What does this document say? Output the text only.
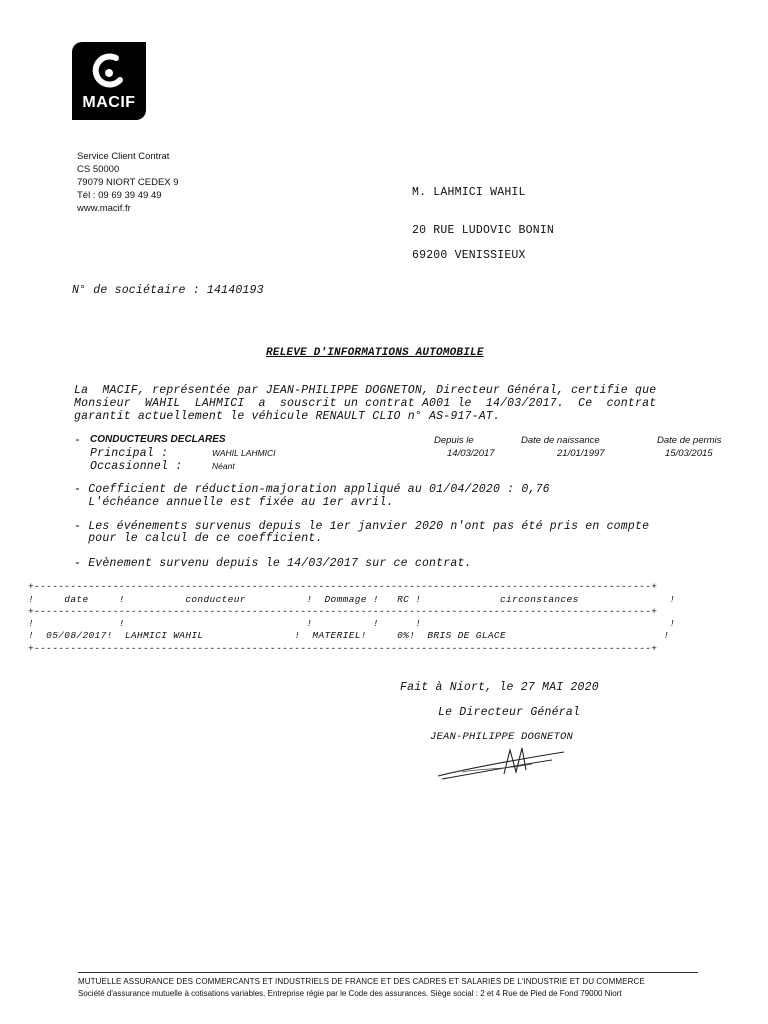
MACIF
Service Client Contrat
CS 50000
79079 NIORT CEDEX 9
Tél : 09 69 39 49 49
www.macif.fr
M. LAHMICI WAHIL
20 RUE LUDOVIC BONIN
69200 VENISSIEUX
N° de sociétaire : 14140193
RELEVE D'INFORMATIONS AUTOMOBILE
La  MACIF, représentée par JEAN-PHILIPPE DOGNETON, Directeur Général, certifie que
Monsieur  WAHIL  LAHMICI  a  souscrit un contrat A001 le  14/03/2017.  Ce  contrat
garantit actuellement le véhicule RENAULT CLIO n° AS-917-AT.
- CONDUCTEURS DECLARES	Depuis le	Date de naissance	Date de permis
Principal :	WAHIL LAHMICI	14/03/2017	21/01/1997	15/03/2015
Occasionnel :	Néant
- Coefficient de réduction-majoration appliqué au 01/04/2020 : 0,76
L'échéance annuelle est fixée au 1er avril.
- Les événements survenus depuis le 1er janvier 2020 n'ont pas été pris en compte
pour le calcul de ce coefficient.
- Evènement survenu depuis le 14/03/2017 sur ce contrat.
+------------------------------------------------------------------------------------------------------+
!     date     !          conducteur          !  Dommage !   RC !             circonstances               !
+------------------------------------------------------------------------------------------------------+
!              !                              !          !      !                                         !
!  05/08/2017!  LAHMICI WAHIL               !  MATERIEL!     0%!  BRIS DE GLACE                          !
+------------------------------------------------------------------------------------------------------+
Fait à Niort, le 27 MAI 2020
Le Directeur Général
JEAN-PHILIPPE DOGNETON
MUTUELLE ASSURANCE DES COMMERCANTS ET INDUSTRIELS DE FRANCE ET DES CADRES ET SALARIES DE L'INDUSTRIE ET DU COMMERCE
Société d'assurance mutuelle à cotisations variables. Entreprise régie par le Code des assurances. Siège social : 2 et 4 Rue de Pied de Fond 79000 Niort
